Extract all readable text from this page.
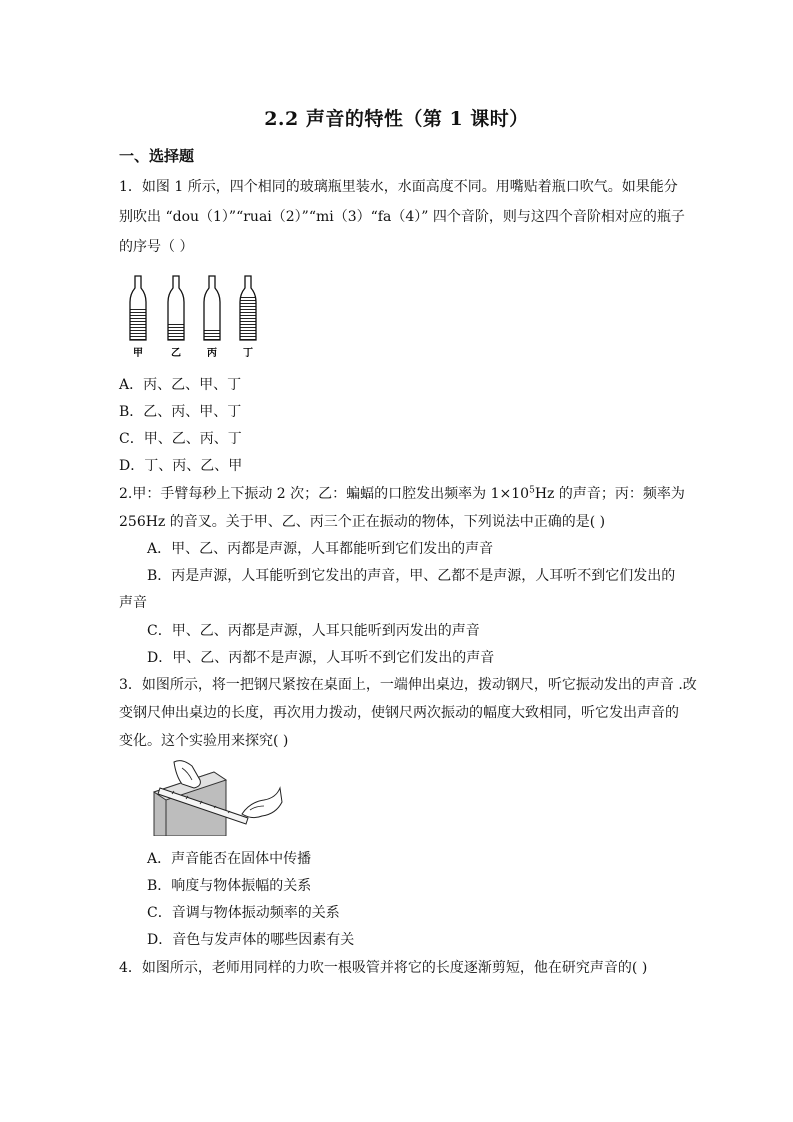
2.2 声音的特性（第 1 课时）
一、选择题
1．如图 1 所示，四个相同的玻璃瓶里装水，水面高度不同。用嘴贴着瓶口吹气。如果能分
别吹出 “dou（1）”“ruai（2）”“mi（3）“fa（4）” 四个音阶，则与这四个音阶相对应的瓶子
的序号（ ）
甲	乙	丙	丁
A．丙、乙、甲、丁
B．乙、丙、甲、丁
C．甲、乙、丙、丁
D．丁、丙、乙、甲
2.甲：手臂每秒上下振动 2 次；乙：蝙蝠的口腔发出频率为 $1\times 10^5Hz$ 的声音；丙：频率为
256Hz 的音叉。关于甲、乙、丙三个正在振动的物体，下列说法中正确的是( )
A．甲、乙、丙都是声源，人耳都能听到它们发出的声音
B．丙是声源，人耳能听到它发出的声音，甲、乙都不是声源，人耳听不到它们发出的
声音
C．甲、乙、丙都是声源，人耳只能听到丙发出的声音
D．甲、乙、丙都不是声源，人耳听不到它们发出的声音
3．如图所示，将一把钢尺紧按在桌面上，一端伸出桌边，拨动钢尺，听它振动发出的声音 .改
变钢尺伸出桌边的长度，再次用力拨动，使钢尺两次振动的幅度大致相同，听它发出声音的
变化。这个实验用来探究( )
A．声音能否在固体中传播
B．响度与物体振幅的关系
C．音调与物体振动频率的关系
D．音色与发声体的哪些因素有关
4．如图所示，老师用同样的力吹一根吸管并将它的长度逐渐剪短，他在研究声音的( )
